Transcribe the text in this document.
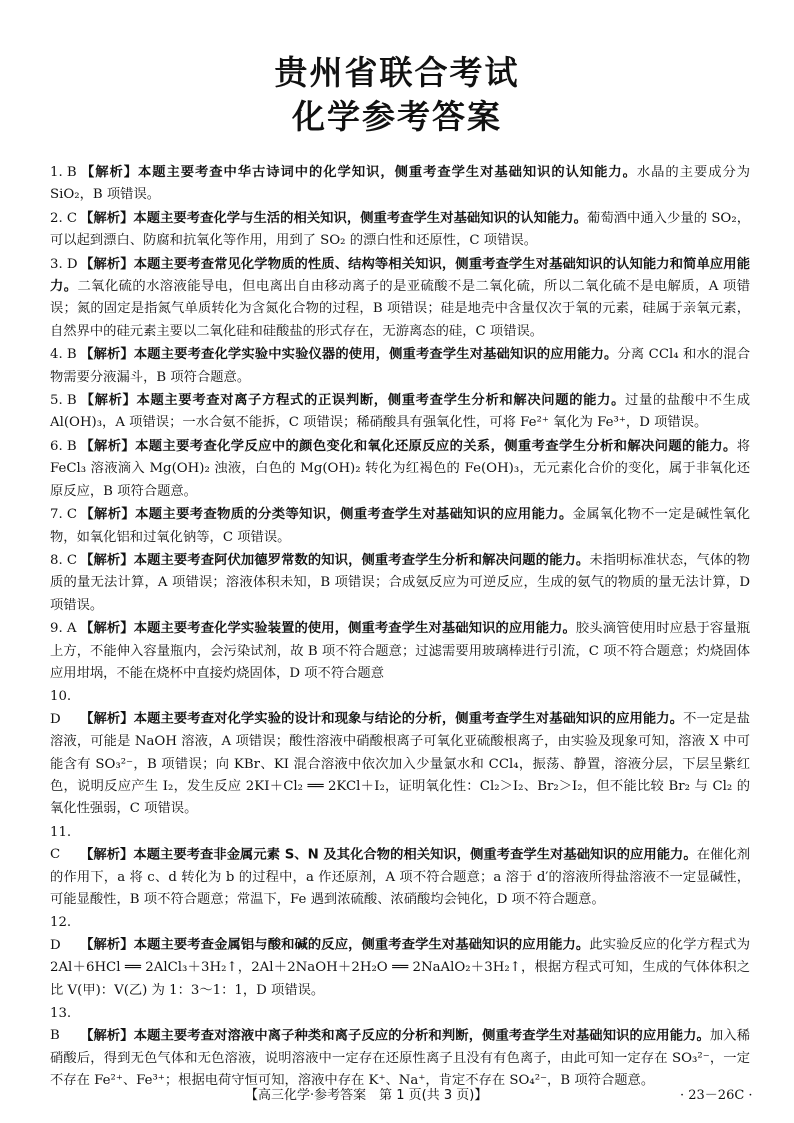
贵州省联合考试
化学参考答案
1. B 【解析】本题主要考查中华古诗词中的化学知识，侧重考查学生对基础知识的认知能力。水晶的主要成分为 SiO₂，B 项错误。
2. C 【解析】本题主要考查化学与生活的相关知识，侧重考查学生对基础知识的认知能力。葡萄酒中通入少量的 SO₂，可以起到漂白、防腐和抗氧化等作用，用到了 SO₂ 的漂白性和还原性，C 项错误。
3. D 【解析】本题主要考查常见化学物质的性质、结构等相关知识，侧重考查学生对基础知识的认知能力和简单应用能力。二氧化硫的水溶液能导电，但电离出自由移动离子的是亚硫酸不是二氧化硫，所以二氧化硫不是电解质，A 项错误；氮的固定是指氮气单质转化为含氮化合物的过程，B 项错误；硅是地壳中含量仅次于氧的元素，硅属于亲氧元素，自然界中的硅元素主要以二氧化硅和硅酸盐的形式存在，无游离态的硅，C 项错误。
4. B 【解析】本题主要考查化学实验中实验仪器的使用，侧重考查学生对基础知识的应用能力。分离 CCl₄ 和水的混合物需要分液漏斗，B 项符合题意。
5. B 【解析】本题主要考查对离子方程式的正误判断，侧重考查学生分析和解决问题的能力。过量的盐酸中不生成 Al(OH)₃，A 项错误；一水合氨不能拆，C 项错误；稀硝酸具有强氧化性，可将 Fe²⁺ 氧化为 Fe³⁺，D 项错误。
6. B 【解析】本题主要考查化学反应中的颜色变化和氧化还原反应的关系，侧重考查学生分析和解决问题的能力。将 FeCl₃ 溶液滴入 Mg(OH)₂ 浊液，白色的 Mg(OH)₂ 转化为红褐色的 Fe(OH)₃，无元素化合价的变化，属于非氧化还原反应，B 项符合题意。
7. C 【解析】本题主要考查物质的分类等知识，侧重考查学生对基础知识的应用能力。金属氧化物不一定是碱性氧化物，如氧化铝和过氧化钠等，C 项错误。
8. C 【解析】本题主要考查阿伏加德罗常数的知识，侧重考查学生分析和解决问题的能力。未指明标准状态，气体的物质的量无法计算，A 项错误；溶液体积未知，B 项错误；合成氨反应为可逆反应，生成的氨气的物质的量无法计算，D 项错误。
9. A 【解析】本题主要考查化学实验装置的使用，侧重考查学生对基础知识的应用能力。胶头滴管使用时应悬于容量瓶上方，不能伸入容量瓶内，会污染试剂，故 B 项不符合题意；过滤需要用玻璃棒进行引流，C 项不符合题意；灼烧固体应用坩埚，不能在烧杯中直接灼烧固体，D 项不符合题意
10. D 【解析】本题主要考查对化学实验的设计和现象与结论的分析，侧重考查学生对基础知识的应用能力。不一定是盐溶液，可能是 NaOH 溶液，A 项错误；酸性溶液中硝酸根离子可氧化亚硫酸根离子，由实验及现象可知，溶液 X 中可能含有 SO₃²⁻，B 项错误；向 KBr、KI 混合溶液中依次加入少量氯水和 CCl₄，振荡、静置，溶液分层，下层呈紫红色，说明反应产生 I₂，发生反应 2KI＋Cl₂ ══ 2KCl＋I₂，证明氧化性：Cl₂＞I₂、Br₂＞I₂，但不能比较 Br₂ 与 Cl₂ 的氧化性强弱，C 项错误。
11. C 【解析】本题主要考查非金属元素 S、N 及其化合物的相关知识，侧重考查学生对基础知识的应用能力。在催化剂的作用下，a 将 c、d 转化为 b 的过程中，a 作还原剂，A 项不符合题意；a 溶于 d′的溶液所得盐溶液不一定显碱性，可能显酸性，B 项不符合题意；常温下，Fe 遇到浓硫酸、浓硝酸均会钝化，D 项不符合题意。
12. D 【解析】本题主要考查金属铝与酸和碱的反应，侧重考查学生对基础知识的应用能力。此实验反应的化学方程式为 2Al＋6HCl ══ 2AlCl₃＋3H₂↑，2Al＋2NaOH＋2H₂O ══ 2NaAlO₂＋3H₂↑，根据方程式可知，生成的气体体积之比 V(甲)：V(乙) 为 1：3～1：1，D 项错误。
13. B 【解析】本题主要考查对溶液中离子种类和离子反应的分析和判断，侧重考查学生对基础知识的应用能力。加入稀硝酸后，得到无色气体和无色溶液，说明溶液中一定存在还原性离子且没有有色离子，由此可知一定存在 SO₃²⁻，一定不存在 Fe²⁺、Fe³⁺；根据电荷守恒可知，溶液中存在 K⁺、Na⁺，肯定不存在 SO₄²⁻，B 项符合题意。
【高三化学·参考答案　第 1 页(共 3 页)】	· 23－26C ·
